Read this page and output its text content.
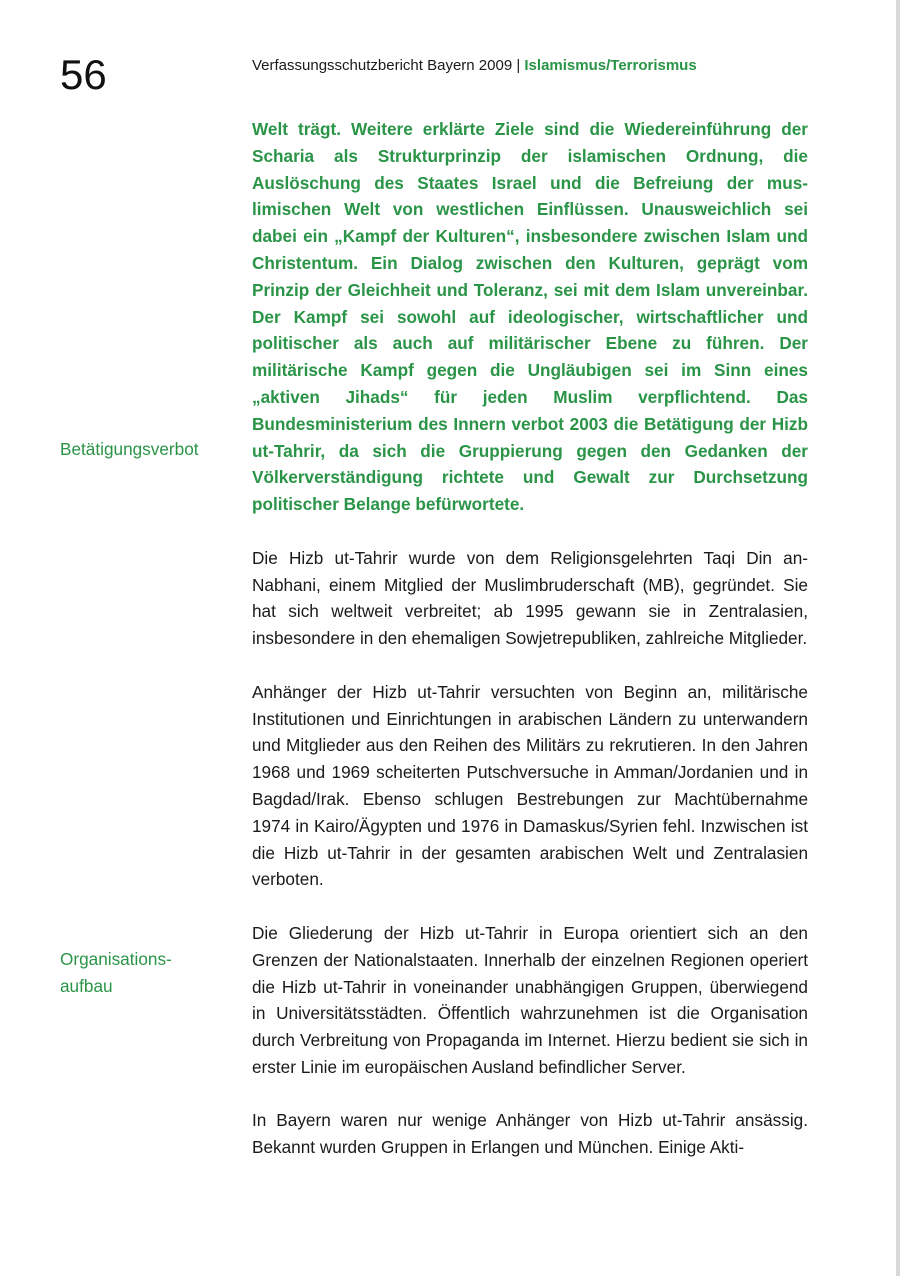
56	Verfassungsschutzbericht Bayern 2009 | Islamismus/Terrorismus
Betätigungsverbot
Organisations-
aufbau

Welt trägt. Weitere erklärte Ziele sind die Wiedereinführung der Scharia als Strukturprinzip der islamischen Ordnung, die Auslöschung des Staates Israel und die Befreiung der muslimischen Welt von westlichen Einflüssen. Unausweichlich sei dabei ein „Kampf der Kulturen“, insbesondere zwischen Islam und Christentum. Ein Dialog zwischen den Kulturen, geprägt vom Prinzip der Gleichheit und Toleranz, sei mit dem Islam unvereinbar. Der Kampf sei sowohl auf ideologischer, wirtschaftlicher und politischer als auch auf militärischer Ebene zu führen. Der militärische Kampf gegen die Ungläubigen sei im Sinn eines „aktiven Jihads“ für jeden Muslim verpflichtend. Das Bundesministerium des Innern verbot 2003 die Betätigung der Hizb ut-Tahrir, da sich die Gruppierung gegen den Gedanken der Völkerverständigung richtete und Gewalt zur Durchsetzung politischer Belange befürwortete.

Die Hizb ut-Tahrir wurde von dem Religionsgelehrten Taqi Din an-Nabhani, einem Mitglied der Muslimbruderschaft (MB), gegründet. Sie hat sich weltweit verbreitet; ab 1995 gewann sie in Zentralasien, insbesondere in den ehemaligen Sowjetrepubliken, zahlreiche Mitglieder.

Anhänger der Hizb ut-Tahrir versuchten von Beginn an, militärische Institutionen und Einrichtungen in arabischen Ländern zu unterwandern und Mitglieder aus den Reihen des Militärs zu rekrutieren. In den Jahren 1968 und 1969 scheiterten Putschversuche in Amman/Jordanien und in Bagdad/Irak. Ebenso schlugen Bestrebungen zur Machtübernahme 1974 in Kairo/Ägypten und 1976 in Damaskus/Syrien fehl. Inzwischen ist die Hizb ut-Tahrir in der gesamten arabischen Welt und Zentralasien verboten.

Die Gliederung der Hizb ut-Tahrir in Europa orientiert sich an den Grenzen der Nationalstaaten. Innerhalb der einzelnen Regionen operiert die Hizb ut-Tahrir in voneinander unabhängigen Gruppen, überwiegend in Universitätsstädten. Öffentlich wahrzunehmen ist die Organisation durch Verbreitung von Propaganda im Internet. Hierzu bedient sie sich in erster Linie im europäischen Ausland befindlicher Server.

In Bayern waren nur wenige Anhänger von Hizb ut-Tahrir ansässig. Bekannt wurden Gruppen in Erlangen und München. Einige Akti-
